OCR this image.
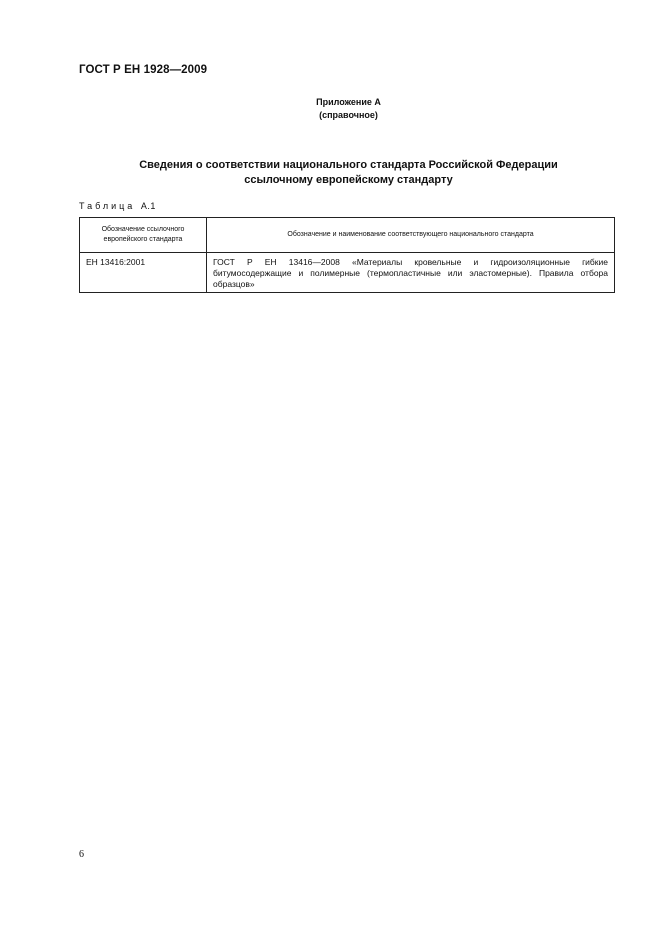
ГОСТ Р ЕН 1928—2009
Приложение А
(справочное)
Сведения о соответствии национального стандарта Российской Федерации
ссылочному европейскому стандарту
Таблица А.1
Обозначение ссылочного европейского стандарта	Обозначение и наименование соответствующего национального стандарта
ЕН 13416:2001	ГОСТ Р ЕН 13416—2008 «Материалы кровельные и гидроизоляционные гибкие битумосодержащие и полимерные (термопластичные или эластомерные). Правила отбора образцов»
6
